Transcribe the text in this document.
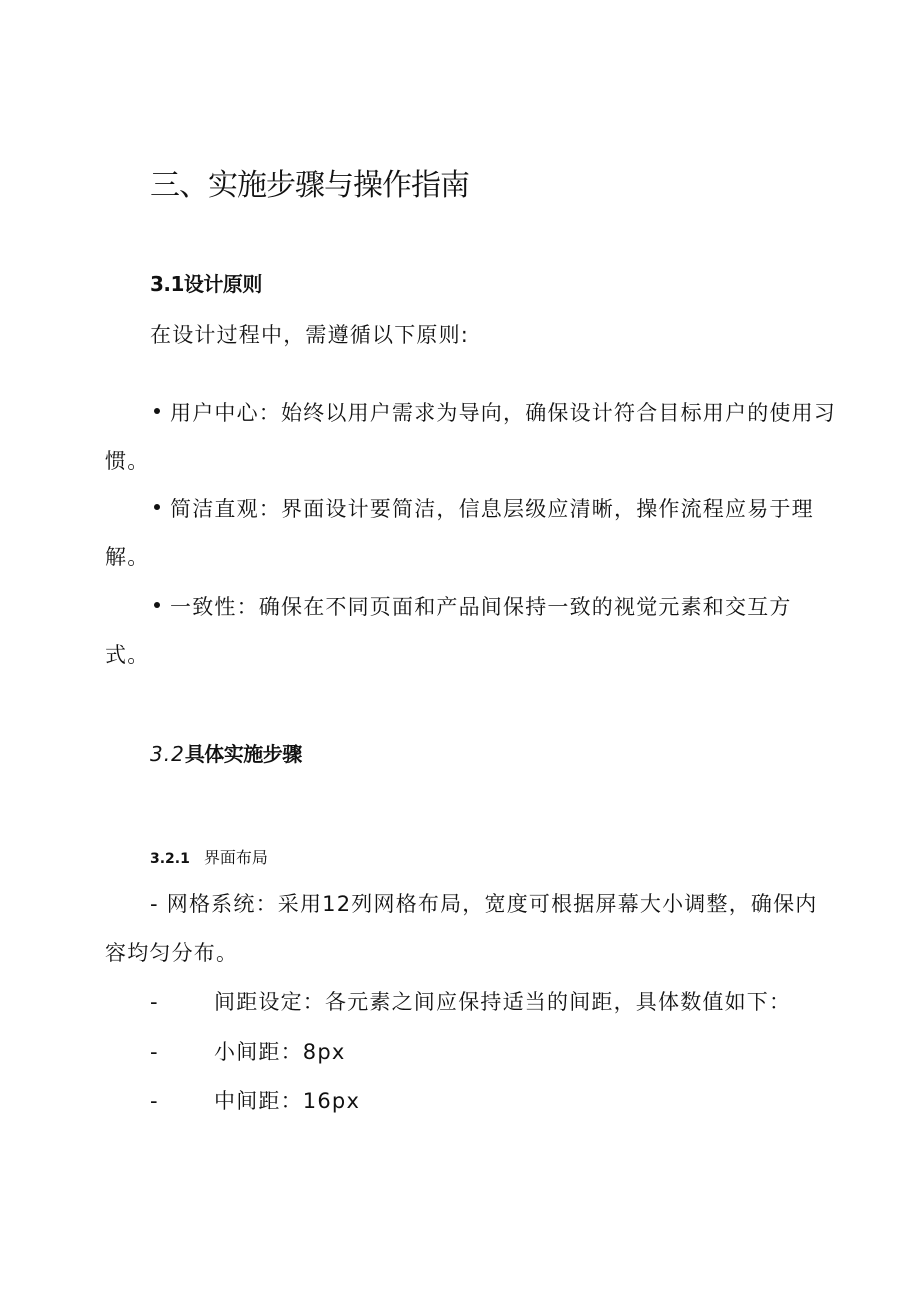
三、实施步骤与操作指南
3.1设计原则
在设计过程中，需遵循以下原则:
用户中心：始终以用户需求为导向，确保设计符合目标用户的使用习
惯。
简洁直观：界面设计要简洁，信息层级应清晰，操作流程应易于理
解。
一致性：确保在不同页面和产品间保持一致的视觉元素和交互方
式。
3.2具体实施步骤
3.2.1 界面布局
- 网格系统：采用12列网格布局，宽度可根据屏幕大小调整，确保内
容均匀分布。
-	间距设定：各元素之间应保持适当的间距，具体数值如下：
-	小间距：8px
-	中间距：16px
